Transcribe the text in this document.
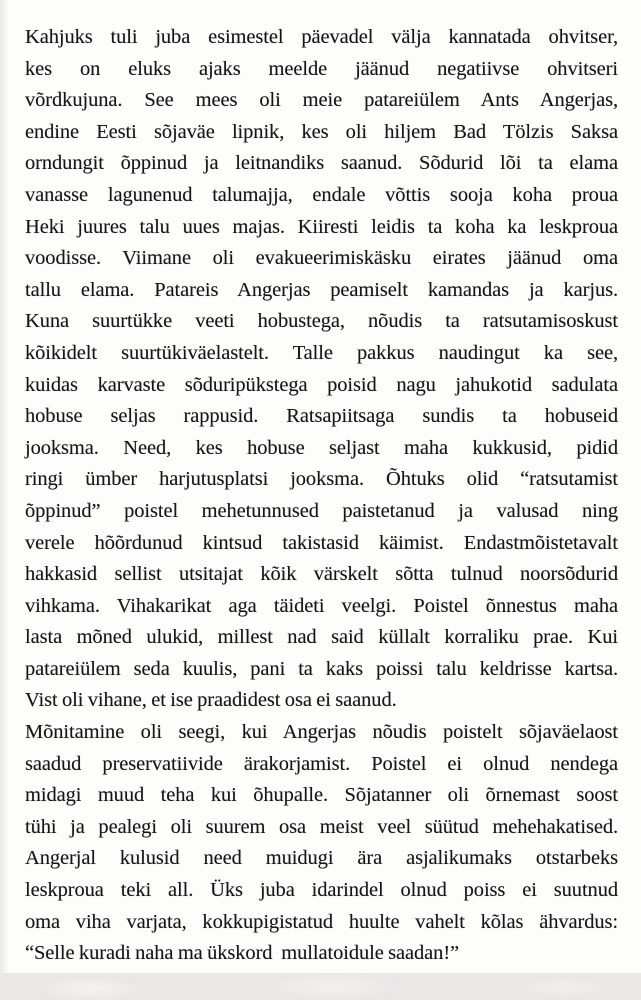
Kahjuks tuli juba esimestel päevadel välja kannatada ohvitser,
kes on eluks ajaks meelde jäänud negatiivse ohvitseri
võrdkujuna. See mees oli meie patareiülem Ants Angerjas,
endine Eesti sõjaväe lipnik, kes oli hiljem Bad Tölzis Saksa
orndungit õppinud ja leitnandiks saanud. Sõdurid lõi ta elama
vanasse lagunenud talumajja, endale võttis sooja koha proua
Heki juures talu uues majas. Kiiresti leidis ta koha ka leskproua
voodisse. Viimane oli evakueerimiskäsku eirates jäänud oma
tallu elama. Patareis Angerjas peamiselt kamandas ja karjus.
Kuna suurtükke veeti hobustega, nõudis ta ratsutamisoskust
kõikidelt suurtükiväelastelt. Talle pakkus naudingut ka see,
kuidas karvaste sõduripükstega poisid nagu jahukotid sadulata
hobuse seljas rappusid. Ratsapiitsaga sundis ta hobuseid
jooksma. Need, kes hobuse seljast maha kukkusid, pidid
ringi ümber harjutusplatsi jooksma. Õhtuks olid “ratsutamist
õppinud” poistel mehetunnused paistetanud ja valusad ning
verele hõõrdunud kintsud takistasid käimist. Endastmõistetavalt
hakkasid sellist utsitajat kõik värskelt sõtta tulnud noorsõdurid
vihkama. Vihakarikat aga täideti veelgi. Poistel õnnestus maha
lasta mõned ulukid, millest nad said küllalt korraliku prae. Kui
patareiülem seda kuulis, pani ta kaks poissi talu keldrisse kartsa.
Vist oli vihane, et ise praadidest osa ei saanud.
Mõnitamine oli seegi, kui Angerjas nõudis poistelt sõjaväelaost
saadud preservatiivide ärakorjamist. Poistel ei olnud nendega
midagi muud teha kui õhupalle. Sõjatanner oli õrnemast soost
tühi ja pealegi oli suurem osa meist veel süütud mehehakatised.
Angerjal kulusid need muidugi ära asjalikumaks otstarbeks
leskproua teki all. Üks juba idarindel olnud poiss ei suutnud
oma viha varjata, kokkupigistatud huulte vahelt kõlas ähvardus:
“Selle kuradi naha ma ükskord  mullatoidule saadan!”
